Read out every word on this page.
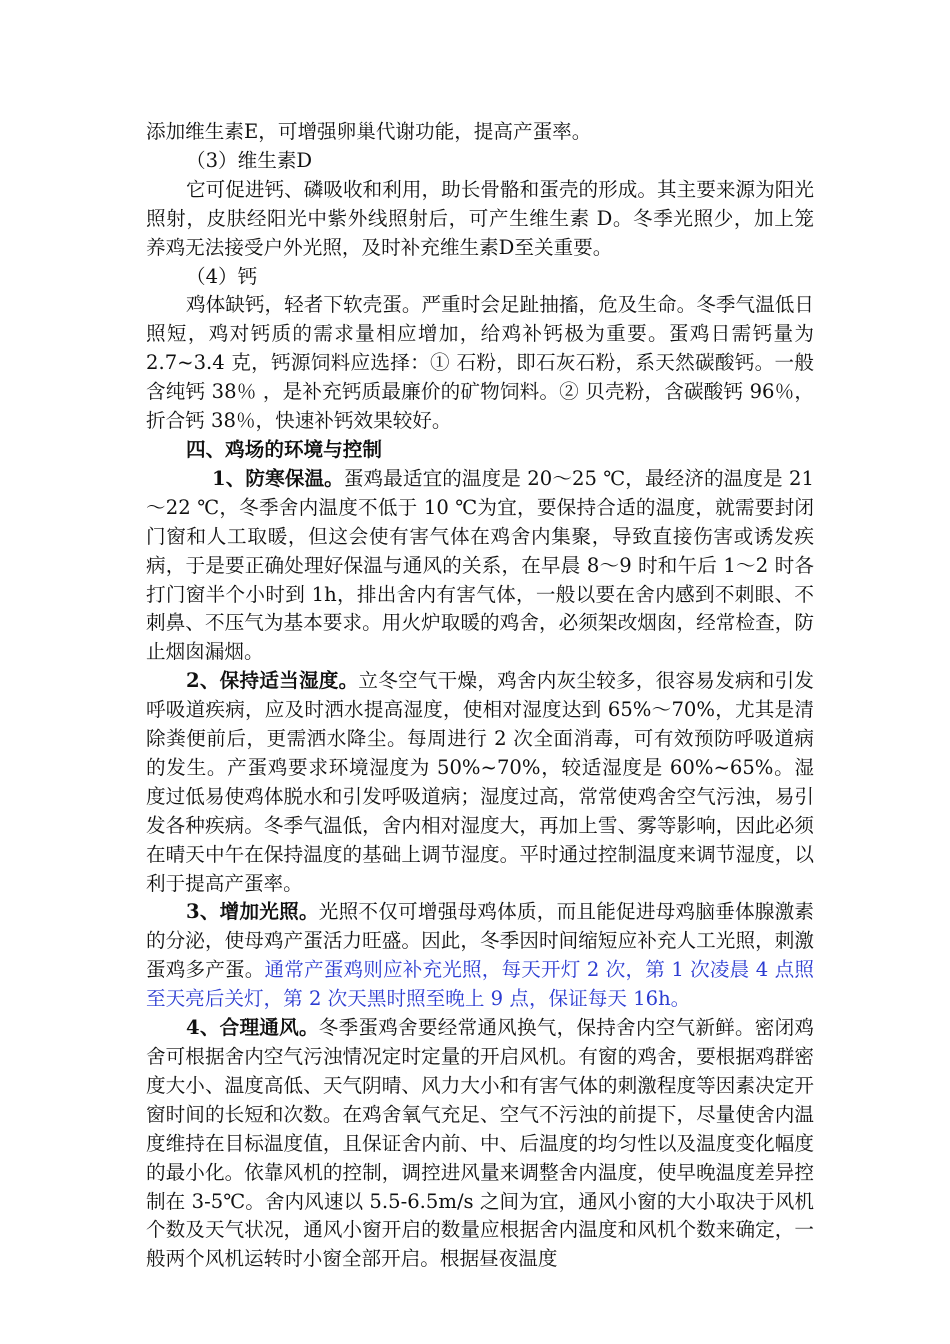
添加维生素E，可增强卵巢代谢功能，提高产蛋率。

（3）维生素D

它可促进钙、磷吸收和利用，助长骨骼和蛋壳的形成。其主要来源为阳光照射，皮肤经阳光中紫外线照射后，可产生维生素 D。冬季光照少，加上笼养鸡无法接受户外光照，及时补充维生素D至关重要。

（4）钙

鸡体缺钙，轻者下软壳蛋。严重时会足趾抽搐，危及生命。冬季气温低日照短，鸡对钙质的需求量相应增加，给鸡补钙极为重要。蛋鸡日需钙量为 2.7~3.4 克，钙源饲料应选择：① 石粉，即石灰石粉，系天然碳酸钙。一般含纯钙 38％ ，是补充钙质最廉价的矿物饲料。② 贝壳粉，含碳酸钙 96％，折合钙 38％，快速补钙效果较好。

四、鸡场的环境与控制

1、防寒保温。蛋鸡最适宜的温度是 20～25 ℃，最经济的温度是 21～22 ℃，冬季舍内温度不低于 10 ℃为宜，要保持合适的温度，就需要封闭门窗和人工取暖，但这会使有害气体在鸡舍内集聚，导致直接伤害或诱发疾病，于是要正确处理好保温与通风的关系，在早晨 8～9 时和午后 1～2 时各打门窗半个小时到 1h，排出舍内有害气体，一般以要在舍内感到不刺眼、不刺鼻、不压气为基本要求。用火炉取暖的鸡舍，必须架改烟囱，经常检查，防止烟囱漏烟。

2、保持适当湿度。立冬空气干燥，鸡舍内灰尘较多，很容易发病和引发呼吸道疾病，应及时洒水提高湿度，使相对湿度达到 65%～70%，尤其是清除粪便前后，更需洒水降尘。每周进行 2 次全面消毒，可有效预防呼吸道病的发生。产蛋鸡要求环境湿度为 50%~70%，较适湿度是 60%~65%。湿度过低易使鸡体脱水和引发呼吸道病；湿度过高，常常使鸡舍空气污浊，易引发各种疾病。冬季气温低，舍内相对湿度大，再加上雪、雾等影响，因此必须在晴天中午在保持温度的基础上调节湿度。平时通过控制温度来调节湿度，以利于提高产蛋率。

3、增加光照。光照不仅可增强母鸡体质，而且能促进母鸡脑垂体腺激素的分泌，使母鸡产蛋活力旺盛。因此，冬季因时间缩短应补充人工光照，刺激蛋鸡多产蛋。通常产蛋鸡则应补充光照，每天开灯 2 次，第 1 次凌晨 4 点照至天亮后关灯，第 2 次天黑时照至晚上 9 点，保证每天 16h。

4、合理通风。冬季蛋鸡舍要经常通风换气，保持舍内空气新鲜。密闭鸡舍可根据舍内空气污浊情况定时定量的开启风机。有窗的鸡舍，要根据鸡群密度大小、温度高低、天气阴晴、风力大小和有害气体的刺激程度等因素决定开窗时间的长短和次数。在鸡舍氧气充足、空气不污浊的前提下，尽量使舍内温度维持在目标温度值，且保证舍内前、中、后温度的均匀性以及温度变化幅度的最小化。依靠风机的控制，调控进风量来调整舍内温度，使早晚温度差异控制在 3-5℃。舍内风速以 5.5-6.5m/s 之间为宜，通风小窗的大小取决于风机个数及天气状况，通风小窗开启的数量应根据舍内温度和风机个数来确定，一般两个风机运转时小窗全部开启。根据昼夜温度
